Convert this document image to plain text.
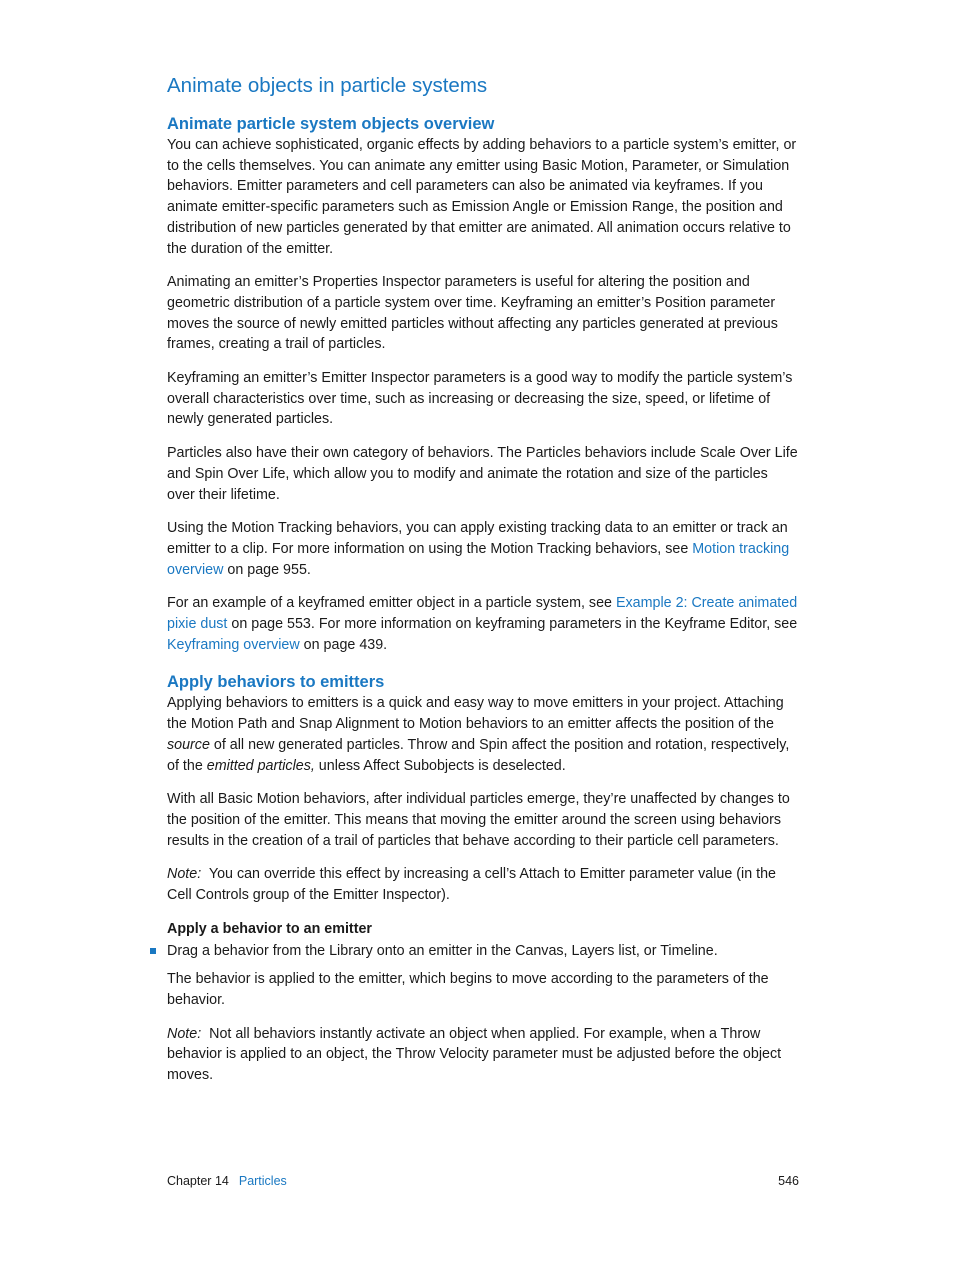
Animate objects in particle systems
Animate particle system objects overview

You can achieve sophisticated, organic effects by adding behaviors to a particle system’s emitter, or to the cells themselves. You can animate any emitter using Basic Motion, Parameter, or Simulation behaviors. Emitter parameters and cell parameters can also be animated via keyframes. If you animate emitter-specific parameters such as Emission Angle or Emission Range, the position and distribution of new particles generated by that emitter are animated. All animation occurs relative to the duration of the emitter.

Animating an emitter’s Properties Inspector parameters is useful for altering the position and geometric distribution of a particle system over time. Keyframing an emitter’s Position parameter moves the source of newly emitted particles without affecting any particles generated at previous frames, creating a trail of particles.

Keyframing an emitter’s Emitter Inspector parameters is a good way to modify the particle system’s overall characteristics over time, such as increasing or decreasing the size, speed, or lifetime of newly generated particles.

Particles also have their own category of behaviors. The Particles behaviors include Scale Over Life and Spin Over Life, which allow you to modify and animate the rotation and size of the particles over their lifetime.

Using the Motion Tracking behaviors, you can apply existing tracking data to an emitter or track an emitter to a clip. For more information on using the Motion Tracking behaviors, see Motion tracking overview on page 955.

For an example of a keyframed emitter object in a particle system, see Example 2: Create animated pixie dust on page 553. For more information on keyframing parameters in the Keyframe Editor, see Keyframing overview on page 439.

Apply behaviors to emitters

Applying behaviors to emitters is a quick and easy way to move emitters in your project. Attaching the Motion Path and Snap Alignment to Motion behaviors to an emitter affects the position of the source of all new generated particles. Throw and Spin affect the position and rotation, respectively, of the emitted particles, unless Affect Subobjects is deselected.

With all Basic Motion behaviors, after individual particles emerge, they’re unaffected by changes to the position of the emitter. This means that moving the emitter around the screen using behaviors results in the creation of a trail of particles that behave according to their particle cell parameters.

Note:  You can override this effect by increasing a cell’s Attach to Emitter parameter value (in the Cell Controls group of the Emitter Inspector).

Apply a behavior to an emitter
Drag a behavior from the Library onto an emitter in the Canvas, Layers list, or Timeline.

The behavior is applied to the emitter, which begins to move according to the parameters of the behavior.

Note:  Not all behaviors instantly activate an object when applied. For example, when a Throw behavior is applied to an object, the Throw Velocity parameter must be adjusted before the object moves.

Chapter 14 Particles	546
